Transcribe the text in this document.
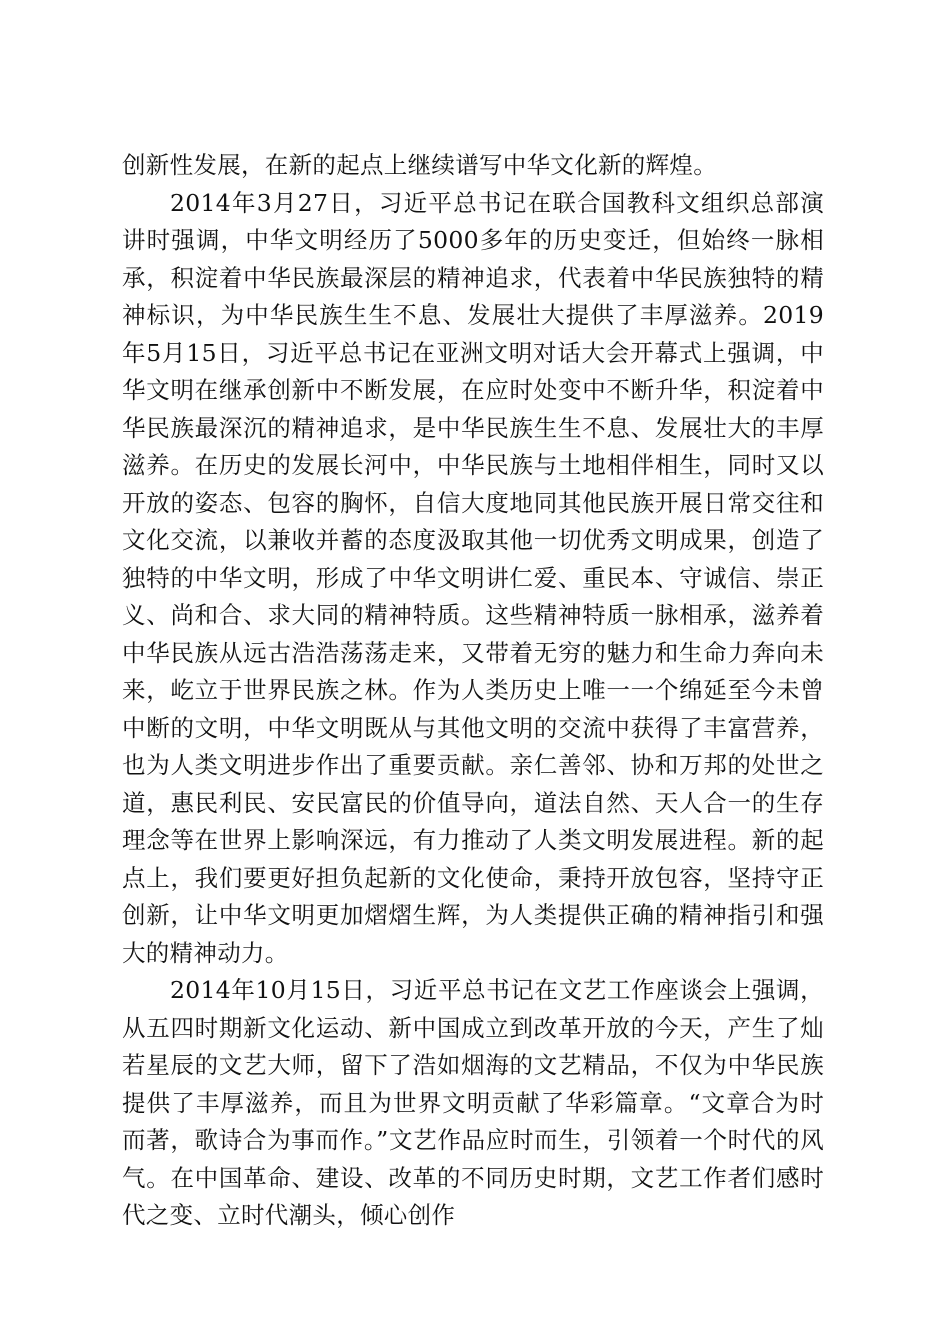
创新性发展，在新的起点上继续谱写中华文化新的辉煌。

2014年3月27日，习近平总书记在联合国教科文组织总部演讲时强调，中华文明经历了5000多年的历史变迁，但始终一脉相承，积淀着中华民族最深层的精神追求，代表着中华民族独特的精神标识，为中华民族生生不息、发展壮大提供了丰厚滋养。2019年5月15日，习近平总书记在亚洲文明对话大会开幕式上强调，中华文明在继承创新中不断发展，在应时处变中不断升华，积淀着中华民族最深沉的精神追求，是中华民族生生不息、发展壮大的丰厚滋养。在历史的发展长河中，中华民族与土地相伴相生，同时又以开放的姿态、包容的胸怀，自信大度地同其他民族开展日常交往和文化交流，以兼收并蓄的态度汲取其他一切优秀文明成果，创造了独特的中华文明，形成了中华文明讲仁爱、重民本、守诚信、崇正义、尚和合、求大同的精神特质。这些精神特质一脉相承，滋养着中华民族从远古浩浩荡荡走来，又带着无穷的魅力和生命力奔向未来，屹立于世界民族之林。作为人类历史上唯一一个绵延至今未曾中断的文明，中华文明既从与其他文明的交流中获得了丰富营养，也为人类文明进步作出了重要贡献。亲仁善邻、协和万邦的处世之道，惠民利民、安民富民的价值导向，道法自然、天人合一的生存理念等在世界上影响深远，有力推动了人类文明发展进程。新的起点上，我们要更好担负起新的文化使命，秉持开放包容，坚持守正创新，让中华文明更加熠熠生辉，为人类提供正确的精神指引和强大的精神动力。

2014年10月15日，习近平总书记在文艺工作座谈会上强调，从五四时期新文化运动、新中国成立到改革开放的今天，产生了灿若星辰的文艺大师，留下了浩如烟海的文艺精品，不仅为中华民族提供了丰厚滋养，而且为世界文明贡献了华彩篇章。“文章合为时而著，歌诗合为事而作。”文艺作品应时而生，引领着一个时代的风气。在中国革命、建设、改革的不同历史时期，文艺工作者们感时代之变、立时代潮头，倾心创作
